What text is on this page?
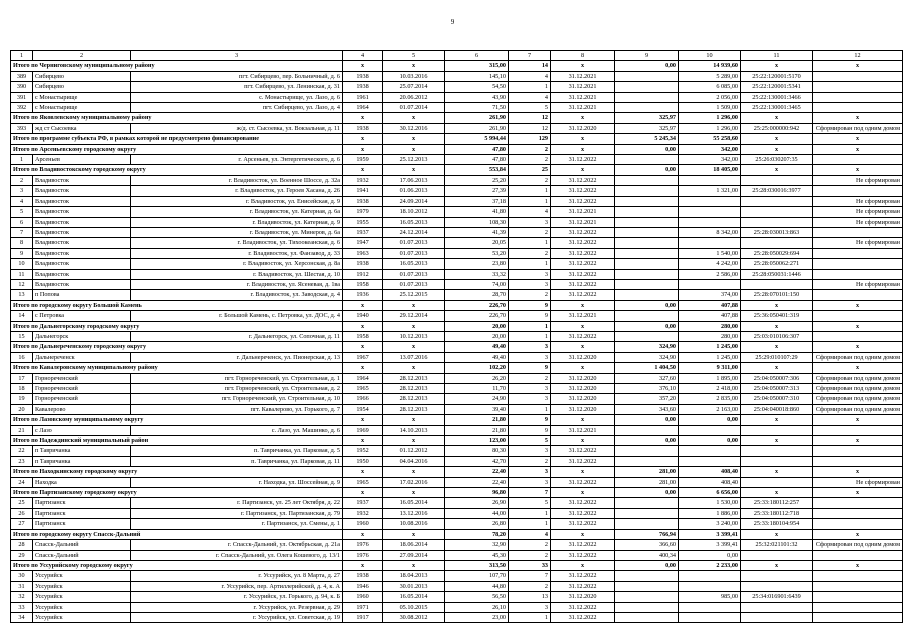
9
1	2	3	4	5	6	7	8	9	10	11	12
Итого по Черниговскому муниципальному району			x	x	315,00	14	x	0,00	14 939,60	x	x
389	Сибирцево	пгт. Сибирцево, пер. Больничный, д. 6	1938	10.03.2016	145,10	4	31.12.2021		5 289,00	25:22:120001:5170	
390	Сибирцево	пгт. Сибирцево, ул. Ленинская, д. 31	1938	25.07.2014	54,50	1	31.12.2021		6 085,00	25:22:120001:5341	
391	с Монастырище	с. Монастырище, ул. Лазо, д. 6	1961	20.06.2012	43,90	4	31.12.2021		2 056,00	25:22:130001:3466	
392	с Монастырище	пгт. Сибирцево, ул. Лазо, д. 4	1964	01.07.2014	71,50	5	31.12.2021		1 509,00	25:22:130001:3465	
Итого по Яковлевскому муниципальному району			x	x	261,90	12	x	325,97	1 296,00	x	x
393	жд ст Сысоевка	ж/д. ст. Сысоевка, ул. Вокзальная, д. 11	1938	30.12.2016	261,90	12	31.12.2020	325,97	1 296,00	25:25:000000:942	Сформирован под одним домом
Итого по программе субъекта РФ, в рамках которой не предусмотрено финансирование			x	x	5 994,44	129	x	5 245,34	55 258,60	x	x
Итого по Арсеньевскому городскому округу			x	x	47,80	2	x	0,00	342,00	x	x
1	Арсеньев	г. Арсеньев, ул. Энтергетического, д. 6	1959	25.12.2013	47,80	2	31.12.2022		342,00	25:26:030207:35	
Итого по Владивостокскому городскому округу			x	x	553,84	25	x	0,00	18 405,00	x	x
2	Владивосток	г. Владивосток, ул. Военное Шоссе, д. 32а	1932	17.06.2013	25,20	2	31.12.2022				Не сформирован
3	Владивосток	г. Владивосток, ул. Героев Хасана, д. 26	1941	01.06.2013	27,39	1	31.12.2022		1 321,00	25:28:030016:3977	
4	Владивосток	г. Владивосток, ул. Енисейская, д. 9	1938	24.09.2014	37,18	1	31.12.2022				Не сформирован
5	Владивосток	г. Владивосток, ул. Катерная, д. 6а	1979	18.10.2012	41,80	4	31.12.2021				Не сформирован
6	Владивосток	г. Владивосток, ул. Катерная, д. 9	1955	16.05.2013	108,30	3	31.12.2021				Не сформирован
7	Владивосток	г. Владивосток, ул. Минеров, д. 6а	1937	24.12.2014	41,39	2	31.12.2022		8 342,00	25:28:030013:863	
8	Владивосток	г. Владивосток, ул. Тихоокеанская, д. 6	1947	01.07.2013	20,05	1	31.12.2022				Не сформирован
9	Владивосток	г. Владивосток, ул. Фанзавод, д. 33	1963	01.07.2013	53,20	2	31.12.2022		1 540,00	25:28:050029:694	
10	Владивосток	г. Владивосток, ул. Херсонская, д. 8а	1938	16.05.2013	23,80	1	31.12.2022		4 242,00	25:28:050062:271	
11	Владивосток	г. Владивосток, ул. Шестая, д. 10	1912	01.07.2013	33,32	3	31.12.2022		2 586,00	25:28:050031:1446	
12	Владивосток	г. Владивосток, ул. Ясеневая, д. 1ва	1958	01.07.2013	74,00	3	31.12.2022				Не сформирован
13	п Попова	г. Владивосток, ул. Заводская, д. 4	1936	25.12.2015	28,70	2	31.12.2022		374,00	25:28:070101:150	
Итого по городскому округу Большой Камень			x	x	226,70	9	x	0,00	407,88	x	x
14	с Петровка	г. Большой Камень, с. Петровка, ул. ДОС, д. 4	1940	29.12.2014	226,70	9	31.12.2021		407,88	25:36:050401:319	
Итого по Дальнегорскому городскому округу			x	x	20,00	1	x	0,00	280,00	x	x
15	Дальнегорск	г. Дальнегорск, ул. Сопочная, д. 11	1958	10.12.2013	20,00	1	31.12.2022		280,00	25:03:010106:307	
Итого по Дальнереченскому городскому округу			x	x	49,40	3	x	324,90	1 245,00	x	x
16	Дальнереченск	г. Дальнереченск, ул. Пионерская, д. 13	1967	13.07.2016	49,40	3	31.12.2020	324,90	1 245,00	25:29:010107:29	Сформирован под одним домом
Итого по Кавалеровскому муниципальному району			x	x	102,20	9	x	1 404,50	9 311,00	x	x
17	Горнореченский	пгт. Горнореченский, ул. Строительная, д. 1	1964	28.12.2013	26,20	2	31.12.2020	327,60	1 895,00	25:04:050007:306	Сформирован под одним домом
18	Горнореченский	пгт. Горнореченский, ул. Строительная, д. 2	1965	28.12.2013	11,70	3	31.12.2020	376,10	2 418,00	25:04:050007:313	Сформирован под одним домом
19	Горнореченский	пгт. Горнореченский, ул. Строительная, д. 10	1966	28.12.2013	24,90	3	31.12.2020	357,20	2 835,00	25:04:050007:310	Сформирован под одним домом
20	Кавалерово	пгт. Кавалерово, ул. Горького, д. 7	1954	28.12.2013	39,40	1	31.12.2020	343,60	2 163,00	25:04:040018:860	Сформирован под одним домом
Итого по Лазовскому муниципальному округу			x	x	21,80	9	x	0,00	0,00	x	x
21	с Лазо	с. Лазо, ул. Машинко, д. 6	1969	14.10.2013	21,80	9	31.12.2021				
Итого по Надеждинский муниципальный район			x	x	123,00	5	x	0,00	0,00	x	x
22	п Тавричанка	п. Тавричанка, ул. Парковая, д. 5	1952	01.12.2012	80,30	3	31.12.2022				
23	п Тавричанка	п. Тавричанка, ул. Парковая, д. 11	1950	04.04.2016	42,70	2	31.12.2022				
Итого по Находкинскому городскому округу			x	x	22,40	3	x	281,00	408,40	x	x
24	Находка	г. Находка, ул. Шоссейная, д. 9	1965	17.02.2016	22,40	3	31.12.2022	281,00	408,40		Не сформирован
Итого по Партизанскому городскому округу			x	x	96,80	7	x	0,00	6 656,00	x	x
25	Партизанск	г. Партизанск, ул. 25 лет Октября, д. 22	1937	16.05.2014	26,90	5	31.12.2022		1 530,00	25:33:180112:257	
26	Партизанск	г. Партизанск, ул. Партизанская, д. 79	1932	13.12.2016	44,00	1	31.12.2022		1 886,00	25:33:180112:718	
27	Партизанск	г. Партизанск, ул. Смены, д. 1	1960	10.08.2016	26,80	1	31.12.2022		3 240,00	25:33:180104:954	
Итого по городскому округу Спасск-Дальний			x	x	78,20	4	x	766,94	3 399,41	x	x
28	Спасск-Дальний	г. Спасск-Дальний, ул. Октябрьская, д. 21а	1976	18.06.2014	32,90	2	31.12.2022	366,60	3 399,41	25:32:021101:32	Сформирован под одним домом
29	Спасск-Дальний	г. Спасск-Дальний, ул. Олега Кошевого, д. 13/1	1976	27.09.2014	45,30	2	31.12.2022	400,34	0,00		
Итого по Уссурийскому городскому округу			x	x	313,50	33	x	0,00	2 233,00	x	x
30	Уссурийск	г. Уссурийск, ул. 8 Марта, д. 27	1938	18.04.2013	107,70	7	31.12.2022				
31	Уссурийск	г. Уссурийск, пер. Артиллерийский, д. 4, к. А	1946	30.01.2013	44,80	2	31.12.2022				
32	Уссурийск	г. Уссурийск, ул. Горького, д. 94, к. Б	1960	16.05.2014	56,50	13	31.12.2020		985,00	25:34:016901:6439	
33	Уссурийск	г. Уссурийск, ул. Резервная, д. 29	1971	05.10.2015	26,10	3	31.12.2022				
34	Уссурийск	г. Уссурийск, ул. Советская, д. 19	1917	30.08.2012	23,00	1	31.12.2022				
